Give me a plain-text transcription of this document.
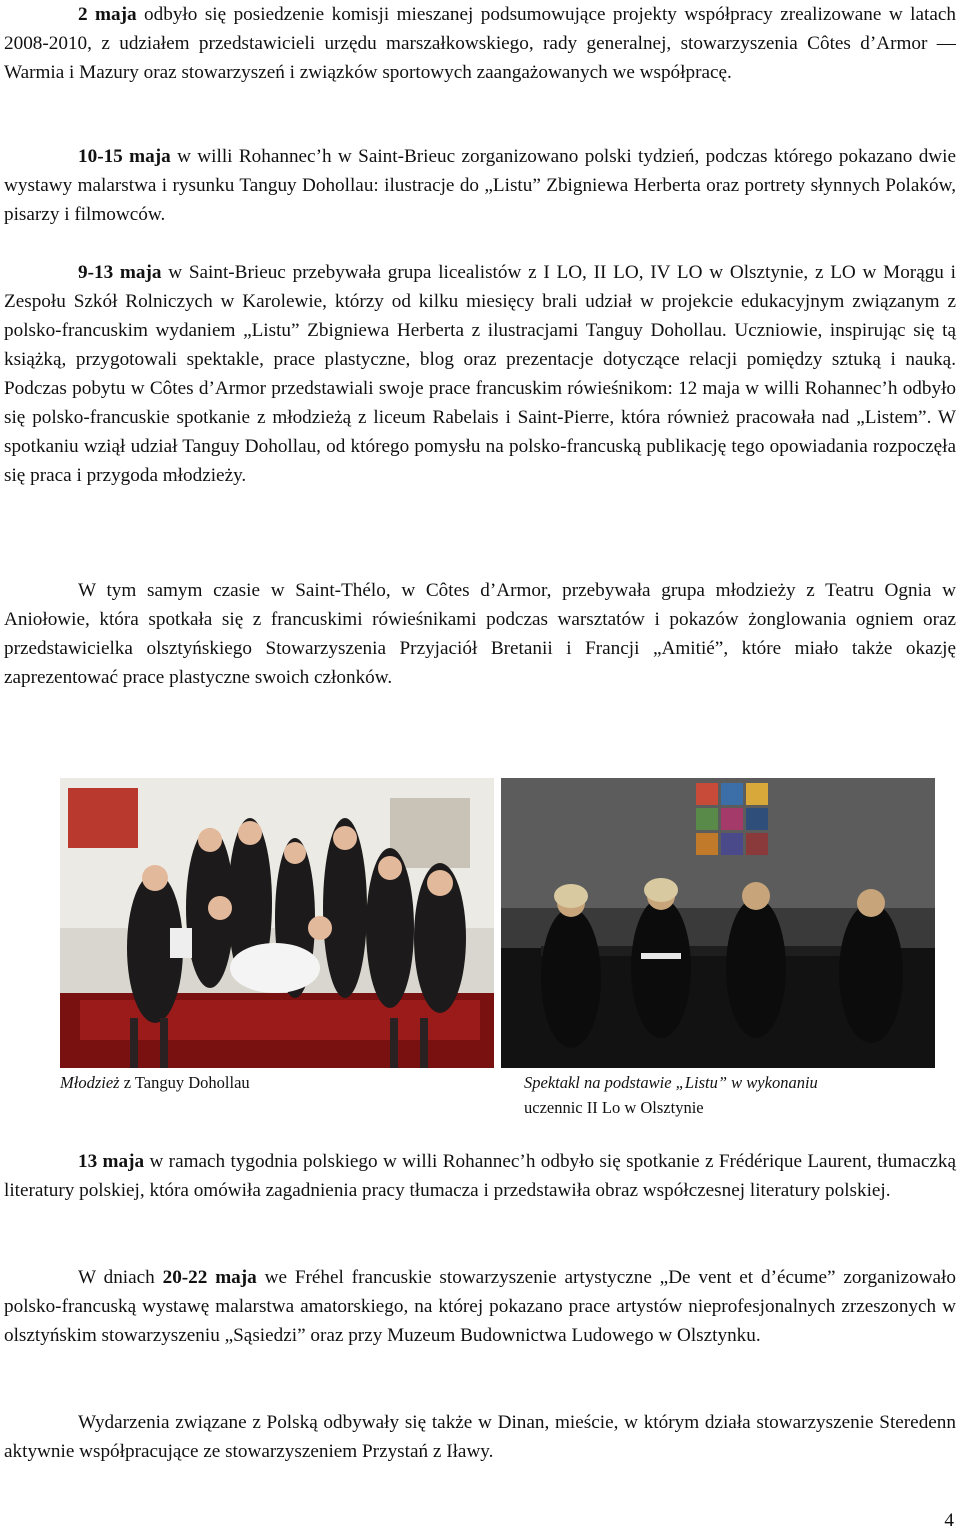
2 maja odbyło się posiedzenie komisji mieszanej podsumowujące projekty współpracy zrealizowane w latach 2008-2010, z udziałem przedstawicieli urzędu marszałkowskiego, rady generalnej, stowarzyszenia Côtes d’Armor — Warmia i Mazury oraz stowarzyszeń i związków sportowych zaangażowanych we współpracę.

10-15 maja w willi Rohannec’h w Saint-Brieuc zorganizowano polski tydzień, podczas którego pokazano dwie wystawy malarstwa i rysunku Tanguy Dohollau: ilustracje do „Listu” Zbigniewa Herberta oraz portrety słynnych Polaków, pisarzy i filmowców.

9-13 maja w Saint-Brieuc przebywała grupa licealistów z I LO, II LO, IV LO w Olsztynie, z LO w Morągu i Zespołu Szkół Rolniczych w Karolewie, którzy od kilku miesięcy brali udział w projekcie edukacyjnym związanym z polsko-francuskim wydaniem „Listu” Zbigniewa Herberta z ilustracjami Tanguy Dohollau. Uczniowie, inspirując się tą książką, przygotowali spektakle, prace plastyczne, blog oraz prezentacje dotyczące relacji pomiędzy sztuką i nauką. Podczas pobytu w Côtes d’Armor przedstawiali swoje prace francuskim rówieśnikom: 12 maja w willi Rohannec’h odbyło się polsko-francuskie spotkanie z młodzieżą z liceum Rabelais i Saint-Pierre, która również pracowała nad „Listem”. W spotkaniu wziął udział Tanguy Dohollau, od którego pomysłu na polsko-francuską publikację tego opowiadania rozpoczęła się praca i przygoda młodzieży.

W tym samym czasie w Saint-Thélo, w Côtes d’Armor, przebywała grupa młodzieży z Teatru Ognia w Aniołowie, która spotkała się z francuskimi rówieśnikami podczas warsztatów i pokazów żonglowania ogniem oraz przedstawicielka olsztyńskiego Stowarzyszenia Przyjaciół Bretanii i Francji „Amitié”, które miało także okazję zaprezentować prace plastyczne swoich członków.

Młodzież z Tanguy Dohollau	Spektakl na podstawie „Listu” w wykonaniu
uczennic II Lo w Olsztynie

13 maja w ramach tygodnia polskiego w willi Rohannec’h odbyło się spotkanie z Frédérique Laurent, tłumaczką literatury polskiej, która omówiła zagadnienia pracy tłumacza i przedstawiła obraz współczesnej literatury polskiej.

W dniach 20-22 maja we Fréhel francuskie stowarzyszenie artystyczne „De vent et d’écume” zorganizowało polsko-francuską wystawę malarstwa amatorskiego, na której pokazano prace artystów nieprofesjonalnych zrzeszonych w olsztyńskim stowarzyszeniu „Sąsiedzi” oraz przy Muzeum Budownictwa Ludowego w Olsztynku.

Wydarzenia związane z Polską odbywały się także w Dinan, mieście, w którym działa stowarzyszenie Steredenn aktywnie współpracujące ze stowarzyszeniem Przystań z Iławy.

4
